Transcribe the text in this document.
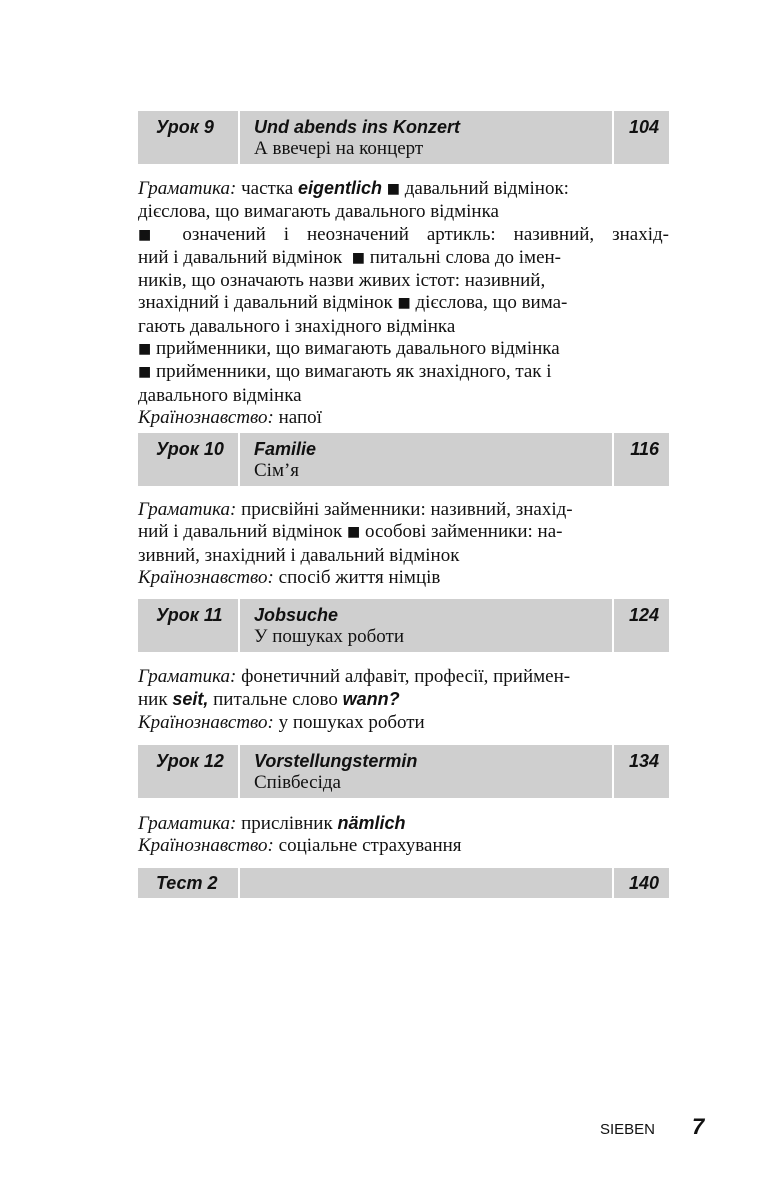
Урок 9 Und abends ins Konzert
А ввечері на концерт
104
Граматика: частка eigentlich ■ давальний відмінок:
дієслова, що вимагають давального відмінка
■ означений і неозначений артикль: називний, знахід-
ний і давальний відмінок ■ питальні слова до імен-
ників, що означають назви живих істот: називний,
знахідний і давальний відмінок ■ дієслова, що вима-
гають давального і знахідного відмінка
■ прийменники, що вимагають давального відмінка
■ прийменники, що вимагають як знахідного, так і
давального відмінка
Країнознавство: напої
Урок 10 Familie
Сім’я
116
Граматика: присвійні займенники: називний, знахід-
ний і давальний відмінок ■ особові займенники: на-
зивний, знахідний і давальний відмінок
Країнознавство: спосіб життя німців
Урок 11 Jobsuche
У пошуках роботи
124
Граматика: фонетичний алфавіт, професії, приймен-
ник seit, питальне слово wann?
Країнознавство: у пошуках роботи
Урок 12 Vorstellungstermin
Співбесіда
134
Граматика: прислівник nämlich
Країнознавство: соціальне страхування
Тест 2	140
SIEBEN 7
